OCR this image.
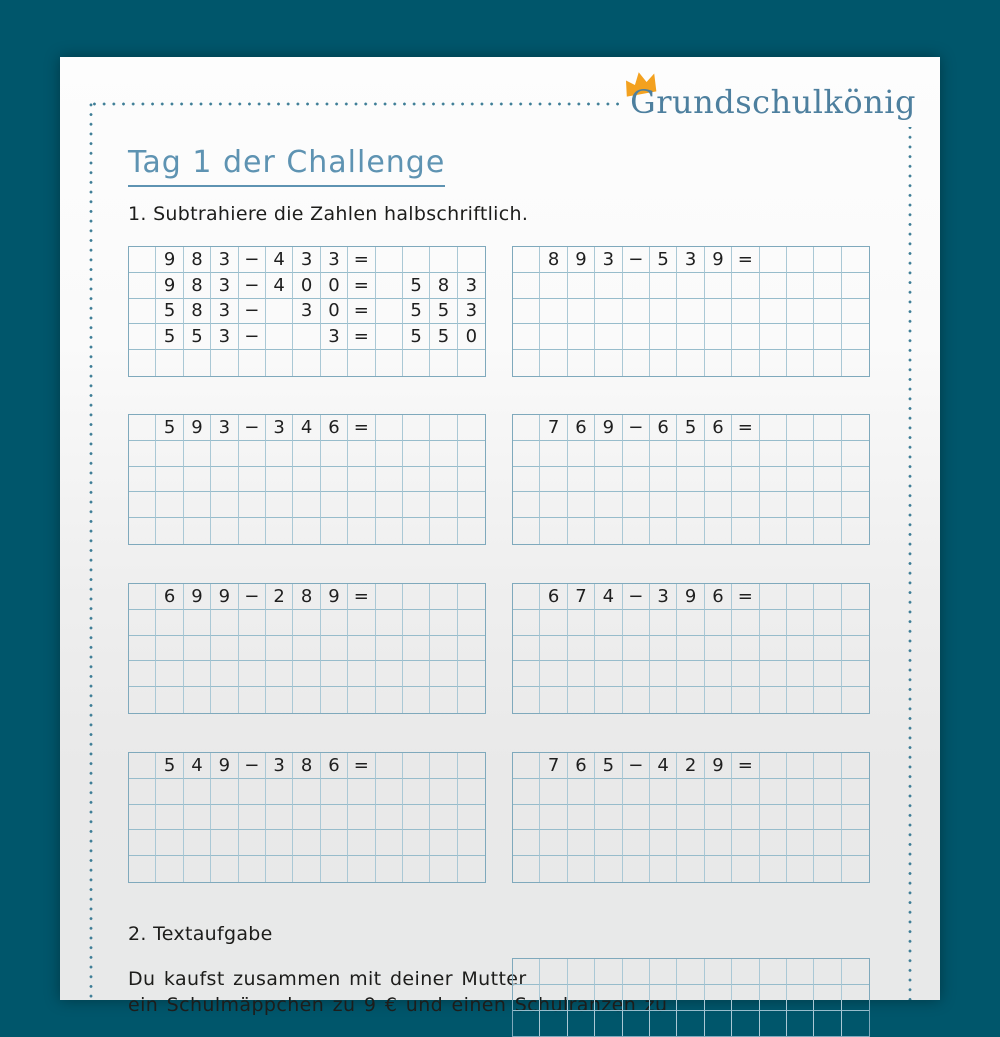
Grundschulkönig
Tag 1 der Challenge
1. Subtrahiere die Zahlen halbschriftlich.
9 8 3 − 4 3 3 =
9 8 3 − 4 0 0 =	5 8 3
5 8 3 −	3 0 =	5 5 3
5 5 3 −	3 =	5 5 0
8 9 3 − 5 3 9 =
5 9 3 − 3 4 6 =	7 6 9 − 6 5 6 =
6 9 9 − 2 8 9 =	6 7 4 − 3 9 6 =
5 4 9 − 3 8 6 =	7 6 5 − 4 2 9 =
2. Textaufgabe
Du kaufst zusammen mit deiner Mutter
ein Schulmäppchen zu 9 € und einen Schulranzen zu
